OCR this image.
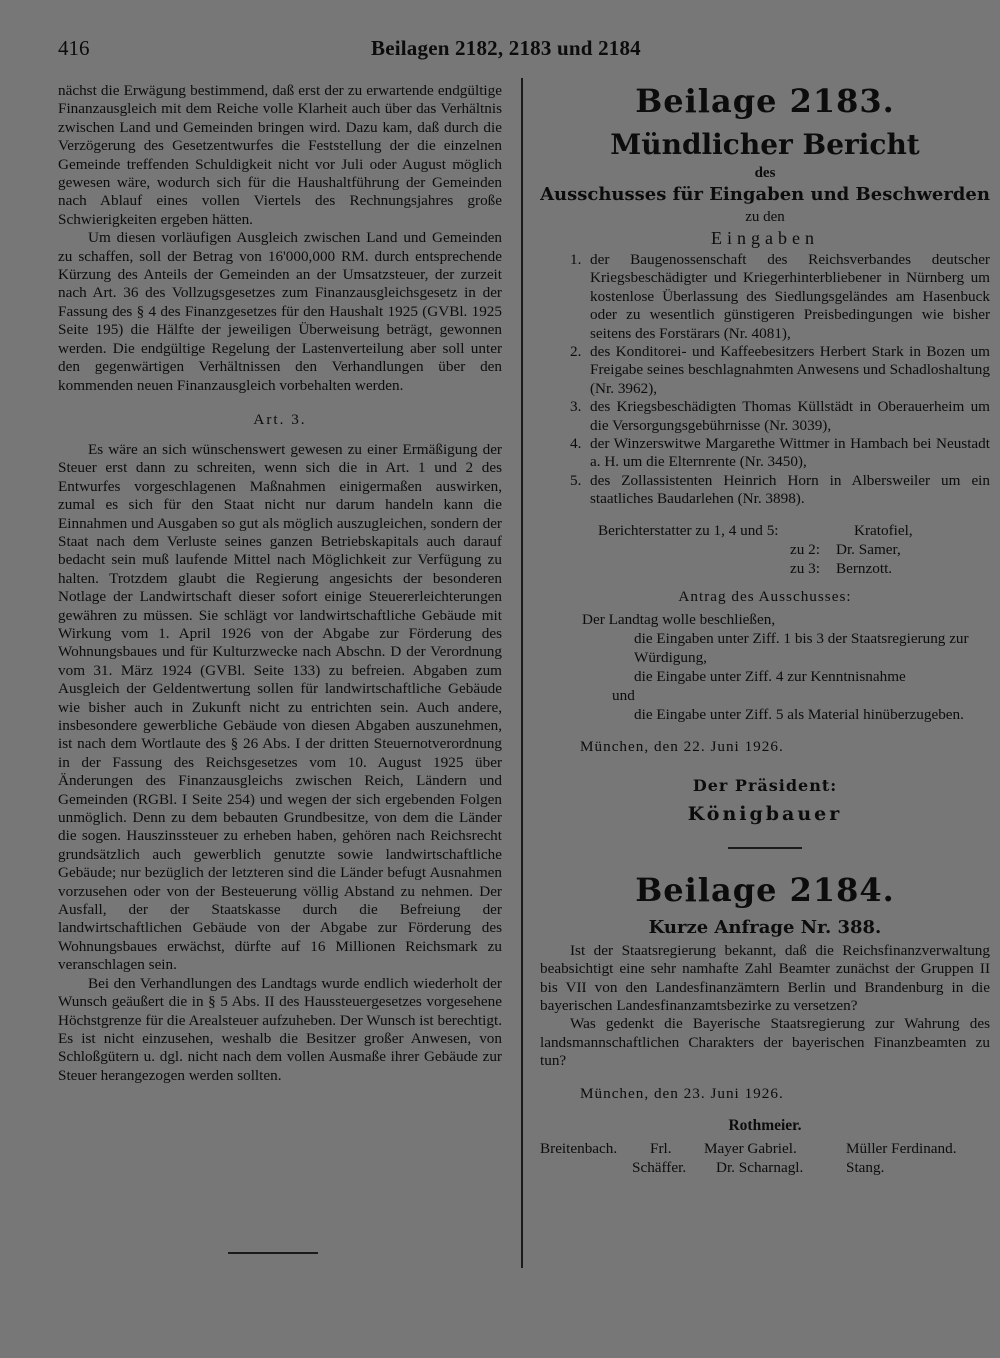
416	Beilagen 2182, 2183 und 2184

nächst die Erwägung bestimmend, daß erst der zu erwartende endgültige Finanzausgleich mit dem Reiche volle Klarheit auch über das Verhältnis zwischen Land und Gemeinden bringen wird. Dazu kam, daß durch die Verzögerung des Gesetzentwurfes die Feststellung der die einzelnen Gemeinde treffenden Schuldigkeit nicht vor Juli oder August möglich gewesen wäre, wodurch sich für die Haushaltführung der Gemeinden nach Ablauf eines vollen Viertels des Rechnungsjahres große Schwierigkeiten ergeben hätten.

Um diesen vorläufigen Ausgleich zwischen Land und Gemeinden zu schaffen, soll der Betrag von 16'000,000 RM. durch entsprechende Kürzung des Anteils der Gemeinden an der Umsatzsteuer, der zurzeit nach Art. 36 des Vollzugsgesetzes zum Finanzausgleichsgesetz in der Fassung des § 4 des Finanzgesetzes für den Haushalt 1925 (GVBl. 1925 Seite 195) die Hälfte der jeweiligen Überweisung beträgt, gewonnen werden. Die endgültige Regelung der Lastenverteilung aber soll unter den gegenwärtigen Verhältnissen den Verhandlungen über den kommenden neuen Finanzausgleich vorbehalten werden.

Art. 3.

Es wäre an sich wünschenswert gewesen zu einer Ermäßigung der Steuer erst dann zu schreiten, wenn sich die in Art. 1 und 2 des Entwurfes vorgeschlagenen Maßnahmen einigermaßen auswirken, zumal es sich für den Staat nicht nur darum handeln kann die Einnahmen und Ausgaben so gut als möglich auszugleichen, sondern der Staat nach dem Verluste seines ganzen Betriebskapitals auch darauf bedacht sein muß laufende Mittel nach Möglichkeit zur Verfügung zu halten. Trotzdem glaubt die Regierung angesichts der besonderen Notlage der Landwirtschaft dieser sofort einige Steuererleichterungen gewähren zu müssen. Sie schlägt vor landwirtschaftliche Gebäude mit Wirkung vom 1. April 1926 von der Abgabe zur Förderung des Wohnungsbaues und für Kulturzwecke nach Abschn. D der Verordnung vom 31. März 1924 (GVBl. Seite 133) zu befreien. Abgaben zum Ausgleich der Geldentwertung sollen für landwirtschaftliche Gebäude wie bisher auch in Zukunft nicht zu entrichten sein. Auch andere, insbesondere gewerbliche Gebäude von diesen Abgaben auszunehmen, ist nach dem Wortlaute des § 26 Abs. I der dritten Steuernotverordnung in der Fassung des Reichsgesetzes vom 10. August 1925 über Änderungen des Finanzausgleichs zwischen Reich, Ländern und Gemeinden (RGBl. I Seite 254) und wegen der sich ergebenden Folgen unmöglich. Denn zu dem bebauten Grundbesitze, von dem die Länder die sogen. Hauszinssteuer zu erheben haben, gehören nach Reichsrecht grundsätzlich auch gewerblich genutzte sowie landwirtschaftliche Gebäude; nur bezüglich der letzteren sind die Länder befugt Ausnahmen vorzusehen oder von der Besteuerung völlig Abstand zu nehmen. Der Ausfall, der der Staatskasse durch die Befreiung der landwirtschaftlichen Gebäude von der Abgabe zur Förderung des Wohnungsbaues erwächst, dürfte auf 16 Millionen Reichsmark zu veranschlagen sein.

Bei den Verhandlungen des Landtags wurde endlich wiederholt der Wunsch geäußert die in § 5 Abs. II des Haussteuergesetzes vorgesehene Höchstgrenze für die Arealsteuer aufzuheben. Der Wunsch ist berechtigt. Es ist nicht einzusehen, weshalb die Besitzer großer Anwesen, von Schloßgütern u. dgl. nicht nach dem vollen Ausmaße ihrer Gebäude zur Steuer herangezogen werden sollten.

Beilage 2183.
Mündlicher Bericht
des
Ausschusses für Eingaben und Beschwerden
zu den
Eingaben
1. der Baugenossenschaft des Reichsverbandes deutscher Kriegsbeschädigter und Kriegerhinterbliebener in Nürnberg um kostenlose Überlassung des Siedlungsgeländes am Hasenbuck oder zu wesentlich günstigeren Preisbedingungen wie bisher seitens des Forstärars (Nr. 4081),
2. des Konditorei- und Kaffeebesitzers Herbert Stark in Bozen um Freigabe seines beschlagnahmten Anwesens und Schadloshaltung (Nr. 3962),
3. des Kriegsbeschädigten Thomas Küllstädt in Oberauerheim um die Versorgungsgebührnisse (Nr. 3039),
4. der Winzerswitwe Margarethe Wittmer in Hambach bei Neustadt a. H. um die Elternrente (Nr. 3450),
5. des Zollassistenten Heinrich Horn in Albersweiler um ein staatliches Baudarlehen (Nr. 3898).
Berichterstatter zu 1, 4 und 5:	Kratofiel,
zu 2: Dr. Samer,
zu 3: Bernzott.
Antrag des Ausschusses:
Der Landtag wolle beschließen,
die Eingaben unter Ziff. 1 bis 3 der Staatsregierung zur Würdigung,
die Eingabe unter Ziff. 4 zur Kenntnisnahme
und
die Eingabe unter Ziff. 5 als Material hinüberzugeben.
München, den 22. Juni 1926.
Der Präsident:
Königbauer
Beilage 2184.
Kurze Anfrage Nr. 388.

Ist der Staatsregierung bekannt, daß die Reichsfinanzverwaltung beabsichtigt eine sehr namhafte Zahl Beamter zunächst der Gruppen II bis VII von den Landesfinanzämtern Berlin und Brandenburg in die bayerischen Landesfinanzamtsbezirke zu versetzen?

Was gedenkt die Bayerische Staatsregierung zur Wahrung des landsmannschaftlichen Charakters der bayerischen Finanzbeamten zu tun?

München, den 23. Juni 1926.
Rothmeier.
Breitenbach. Frl. Mayer Gabriel.	Müller Ferdinand.
Schäffer. Dr. Scharnagl.	Stang.
